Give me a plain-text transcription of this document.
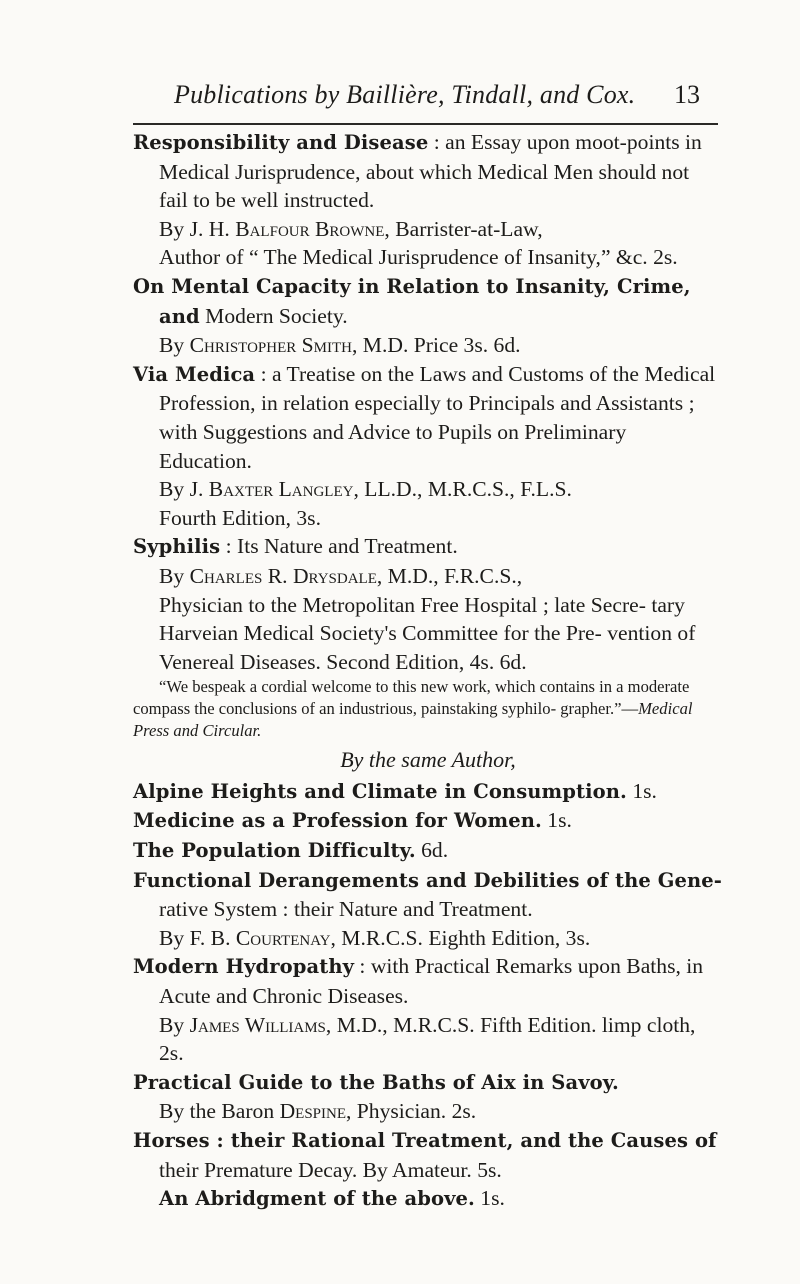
Publications by Baillière, Tindall, and Cox. 13

Responsibility and Disease : an Essay upon moot-points in Medical Jurisprudence, about which Medical Men should not fail to be well instructed.

By J. H. Balfour Browne, Barrister-at-Law,

Author of “ The Medical Jurisprudence of Insanity,” &c. 2s.

On Mental Capacity in Relation to Insanity, Crime, and Modern Society.

By Christopher Smith, M.D. Price 3s. 6d.

Via Medica : a Treatise on the Laws and Customs of the Medical Profession, in relation especially to Principals and Assistants ; with Suggestions and Advice to Pupils on Preliminary Education.

By J. Baxter Langley, LL.D., M.R.C.S., F.L.S.

Fourth Edition, 3s.

Syphilis : Its Nature and Treatment.

By Charles R. Drysdale, M.D., F.R.C.S.,

Physician to the Metropolitan Free Hospital ; late Secre- tary Harveian Medical Society's Committee for the Pre- vention of Venereal Diseases. Second Edition, 4s. 6d.

“We bespeak a cordial welcome to this new work, which contains in a moderate compass the conclusions of an industrious, painstaking syphilo- grapher.”—Medical Press and Circular.

By the same Author,

Alpine Heights and Climate in Consumption. 1s.

Medicine as a Profession for Women. 1s.

The Population Difficulty. 6d.

Functional Derangements and Debilities of the Gene- rative System : their Nature and Treatment.

By F. B. Courtenay, M.R.C.S. Eighth Edition, 3s.

Modern Hydropathy : with Practical Remarks upon Baths, in Acute and Chronic Diseases.

By James Williams, M.D., M.R.C.S. Fifth Edition. limp cloth, 2s.

Practical Guide to the Baths of Aix in Savoy.

By the Baron Despine, Physician. 2s.

Horses : their Rational Treatment, and the Causes of

their Premature Decay. By Amateur. 5s.

An Abridgment of the above. 1s.
